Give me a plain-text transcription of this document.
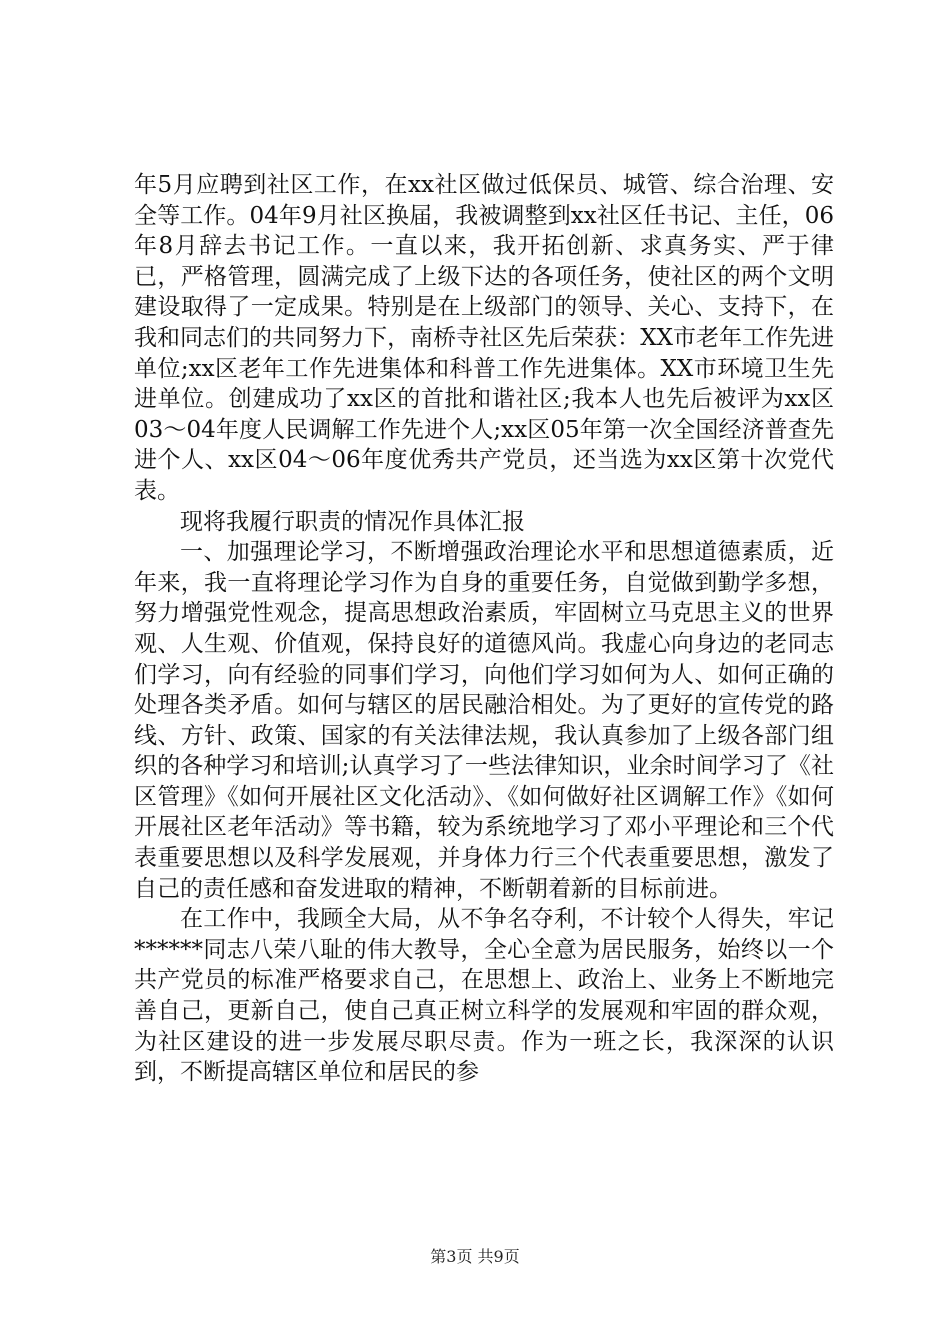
年5月应聘到社区工作，在xx社区做过低保员、城管、综合治理、安全等工作。04年9月社区换届，我被调整到xx社区任书记、主任，06年8月辞去书记工作。一直以来，我开拓创新、求真务实、严于律已，严格管理，圆满完成了上级下达的各项任务，使社区的两个文明建设取得了一定成果。特别是在上级部门的领导、关心、支持下，在我和同志们的共同努力下，南桥寺社区先后荣获：XX市老年工作先进单位;xx区老年工作先进集体和科普工作先进集体。XX市环境卫生先进单位。创建成功了xx区的首批和谐社区;我本人也先后被评为xx区03～04年度人民调解工作先进个人;xx区05年第一次全国经济普查先进个人、xx区04～06年度优秀共产党员，还当选为xx区第十次党代表。

现将我履行职责的情况作具体汇报

一、加强理论学习，不断增强政治理论水平和思想道德素质，近年来，我一直将理论学习作为自身的重要任务，自觉做到勤学多想，努力增强党性观念，提高思想政治素质，牢固树立马克思主义的世界观、人生观、价值观，保持良好的道德风尚。我虚心向身边的老同志们学习，向有经验的同事们学习，向他们学习如何为人、如何正确的处理各类矛盾。如何与辖区的居民融洽相处。为了更好的宣传党的路线、方针、政策、国家的有关法律法规，我认真参加了上级各部门组织的各种学习和培训;认真学习了一些法律知识，业余时间学习了《社区管理》《如何开展社区文化活动》、《如何做好社区调解工作》《如何开展社区老年活动》等书籍，较为系统地学习了邓小平理论和三个代表重要思想以及科学发展观，并身体力行三个代表重要思想，激发了自己的责任感和奋发进取的精神，不断朝着新的目标前进。

在工作中，我顾全大局，从不争名夺利，不计较个人得失，牢记******同志八荣八耻的伟大教导，全心全意为居民服务，始终以一个共产党员的标准严格要求自己，在思想上、政治上、业务上不断地完善自己，更新自己，使自己真正树立科学的发展观和牢固的群众观，为社区建设的进一步发展尽职尽责。作为一班之长，我深深的认识到，不断提高辖区单位和居民的参

第3页 共9页
